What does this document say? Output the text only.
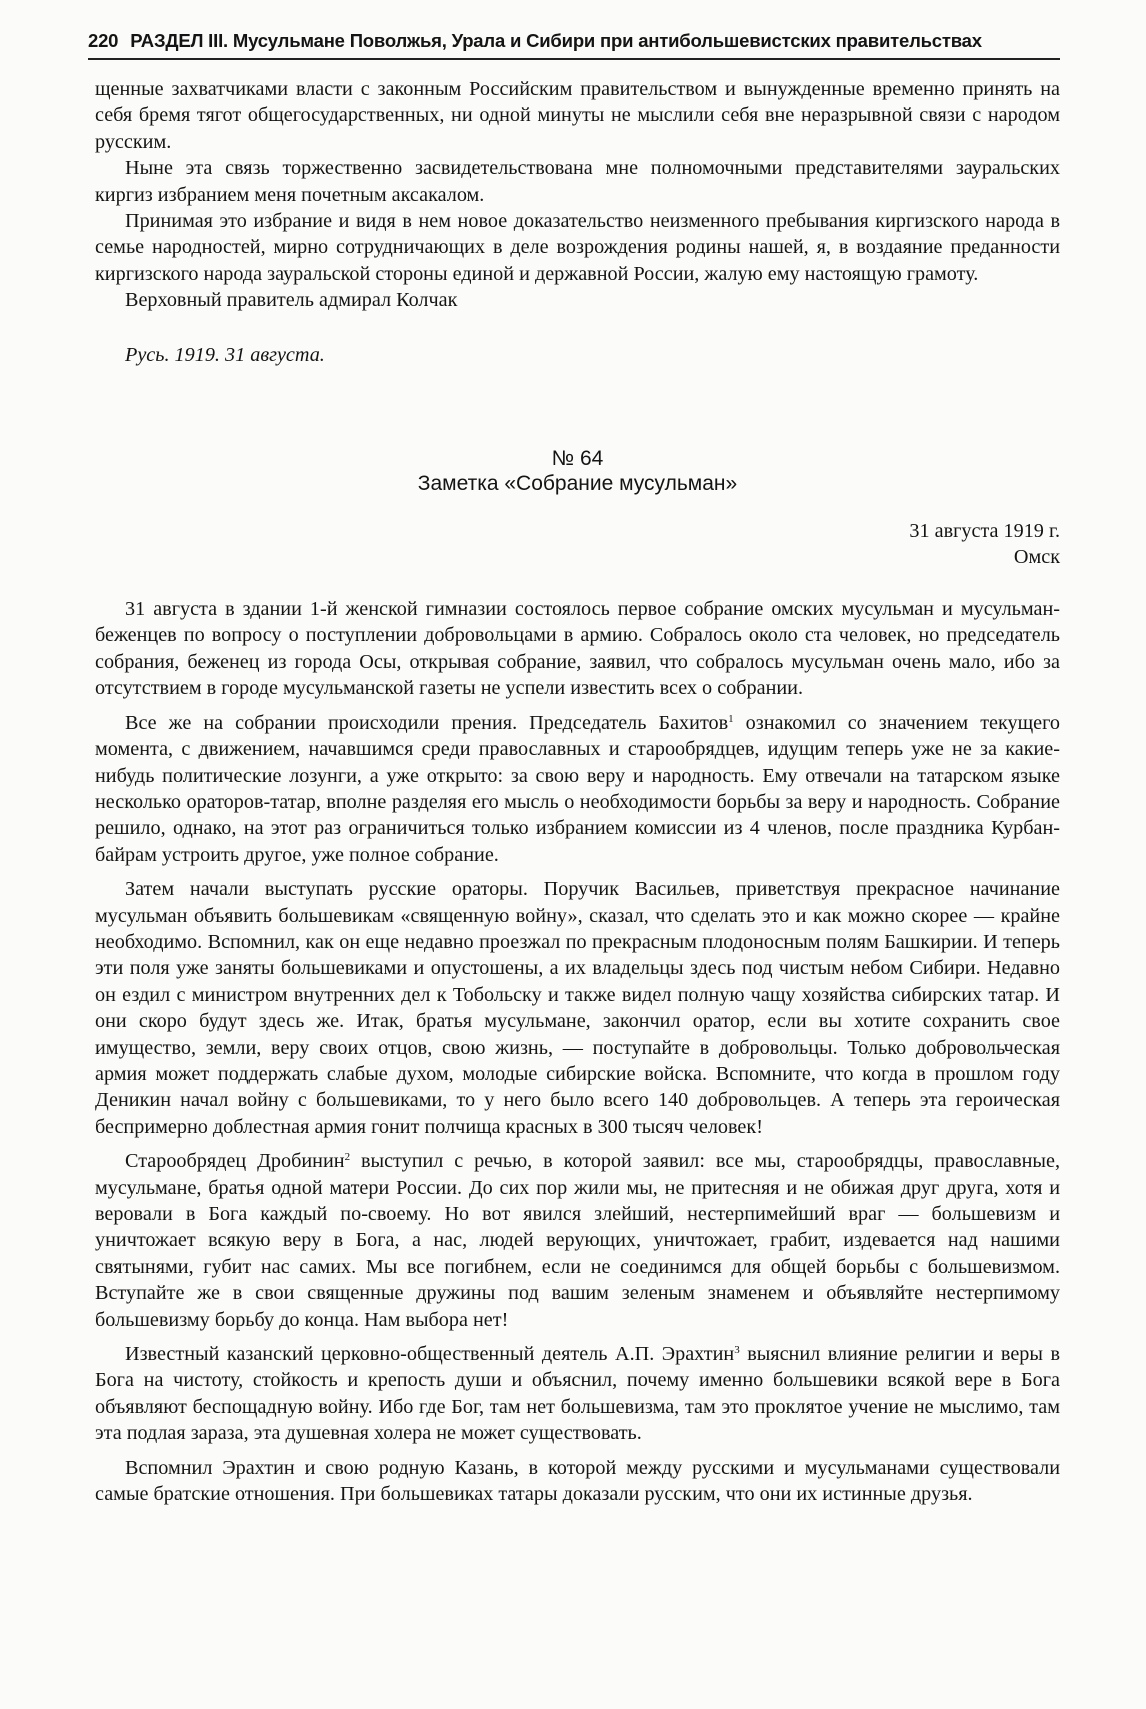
220 РАЗДЕЛ III. Мусульмане Поволжья, Урала и Сибири при антибольшевистских правительствах

щенные захватчиками власти с законным Российским правительством и вынужденные временно принять на себя бремя тягот общегосударственных, ни одной минуты не мыслили себя вне неразрывной связи с народом русским.

Ныне эта связь торжественно засвидетельствована мне полномочными представителями зауральских киргиз избранием меня почетным аксакалом.

Принимая это избрание и видя в нем новое доказательство неизменного пребывания киргизского народа в семье народностей, мирно сотрудничающих в деле возрождения родины нашей, я, в воздаяние преданности киргизского народа зауральской стороны единой и державной России, жалую ему настоящую грамоту.

Верховный правитель адмирал Колчак
Русь. 1919. 31 августа.
№ 64
Заметка «Собрание мусульман»
31 августа 1919 г.
Омск

31 августа в здании 1-й женской гимназии состоялось первое собрание омских мусульман и мусульман-беженцев по вопросу о поступлении добровольцами в армию. Собралось около ста человек, но председатель собрания, беженец из города Осы, открывая собрание, заявил, что собралось мусульман очень мало, ибо за отсутствием в городе мусульманской газеты не успели известить всех о собрании.

Все же на собрании происходили прения. Председатель Бахитов$^1$ ознакомил со значением текущего момента, с движением, начавшимся среди православных и старообрядцев, идущим теперь уже не за какие-нибудь политические лозунги, а уже открыто: за свою веру и народность. Ему отвечали на татарском языке несколько ораторов-татар, вполне разделяя его мысль о необходимости борьбы за веру и народность. Собрание решило, однако, на этот раз ограничиться только избранием комиссии из 4 членов, после праздника Курбан-байрам устроить другое, уже полное собрание.

Затем начали выступать русские ораторы. Поручик Васильев, приветствуя прекрасное начинание мусульман объявить большевикам «священную войну», сказал, что сделать это и как можно скорее — крайне необходимо. Вспомнил, как он еще недавно проезжал по прекрасным плодоносным полям Башкирии. И теперь эти поля уже заняты большевиками и опустошены, а их владельцы здесь под чистым небом Сибири. Недавно он ездил с министром внутренних дел к Тобольску и также видел полную чащу хозяйства сибирских татар. И они скоро будут здесь же. Итак, братья мусульмане, закончил оратор, если вы хотите сохранить свое имущество, земли, веру своих отцов, свою жизнь, — поступайте в добровольцы. Только добровольческая армия может поддержать слабые духом, молодые сибирские войска. Вспомните, что когда в прошлом году Деникин начал войну с большевиками, то у него было всего 140 добровольцев. А теперь эта героическая беспримерно доблестная армия гонит полчища красных в 300 тысяч человек!

Старообрядец Дробинин$^2$ выступил с речью, в которой заявил: все мы, старообрядцы, православные, мусульмане, братья одной матери России. До сих пор жили мы, не притесняя и не обижая друг друга, хотя и веровали в Бога каждый по-своему. Но вот явился злейший, нестерпимейший враг — большевизм и уничтожает всякую веру в Бога, а нас, людей верующих, уничтожает, грабит, издевается над нашими святынями, губит нас самих. Мы все погибнем, если не соединимся для общей борьбы с большевизмом. Вступайте же в свои священные дружины под вашим зеленым знаменем и объявляйте нестерпимому большевизму борьбу до конца. Нам выбора нет!

Известный казанский церковно-общественный деятель А.П. Эрахтин$^3$ выяснил влияние религии и веры в Бога на чистоту, стойкость и крепость души и объяснил, почему именно большевики всякой вере в Бога объявляют беспощадную войну. Ибо где Бог, там нет большевизма, там это проклятое учение не мыслимо, там эта подлая зараза, эта душевная холера не может существовать.

Вспомнил Эрахтин и свою родную Казань, в которой между русскими и мусульманами существовали самые братские отношения. При большевиках татары доказали русским, что они их истинные друзья.
